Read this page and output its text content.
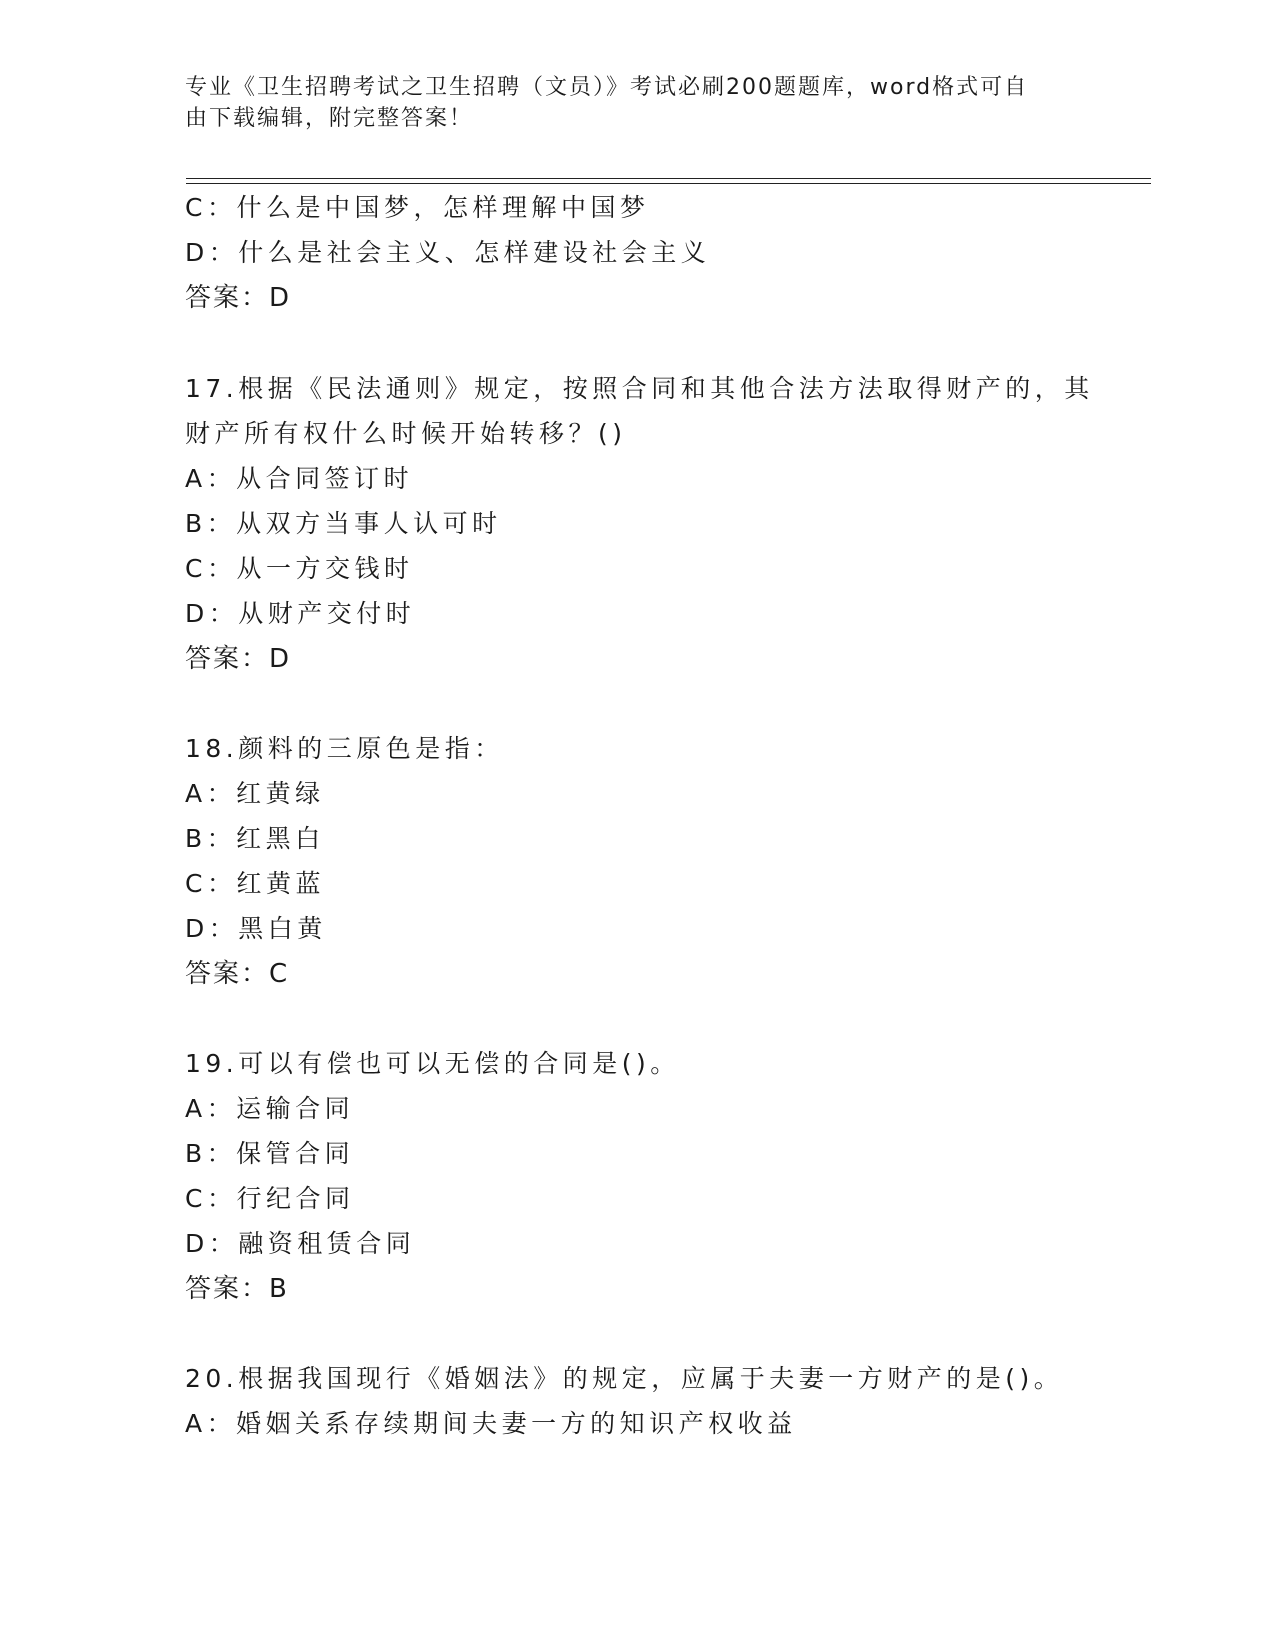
专业《卫生招聘考试之卫生招聘（文员）》考试必刷200题题库，word格式可自
由下载编辑，附完整答案！
C：什么是中国梦，怎样理解中国梦
D：什么是社会主义、怎样建设社会主义
答案：D
17.根据《民法通则》规定，按照合同和其他合法方法取得财产的，其
财产所有权什么时候开始转移？()
A：从合同签订时
B：从双方当事人认可时
C：从一方交钱时
D：从财产交付时
答案：D
18.颜料的三原色是指：
A：红黄绿
B：红黑白
C：红黄蓝
D：黑白黄
答案：C
19.可以有偿也可以无偿的合同是()。
A：运输合同
B：保管合同
C：行纪合同
D：融资租赁合同
答案：B
20.根据我国现行《婚姻法》的规定，应属于夫妻一方财产的是()。
A：婚姻关系存续期间夫妻一方的知识产权收益
